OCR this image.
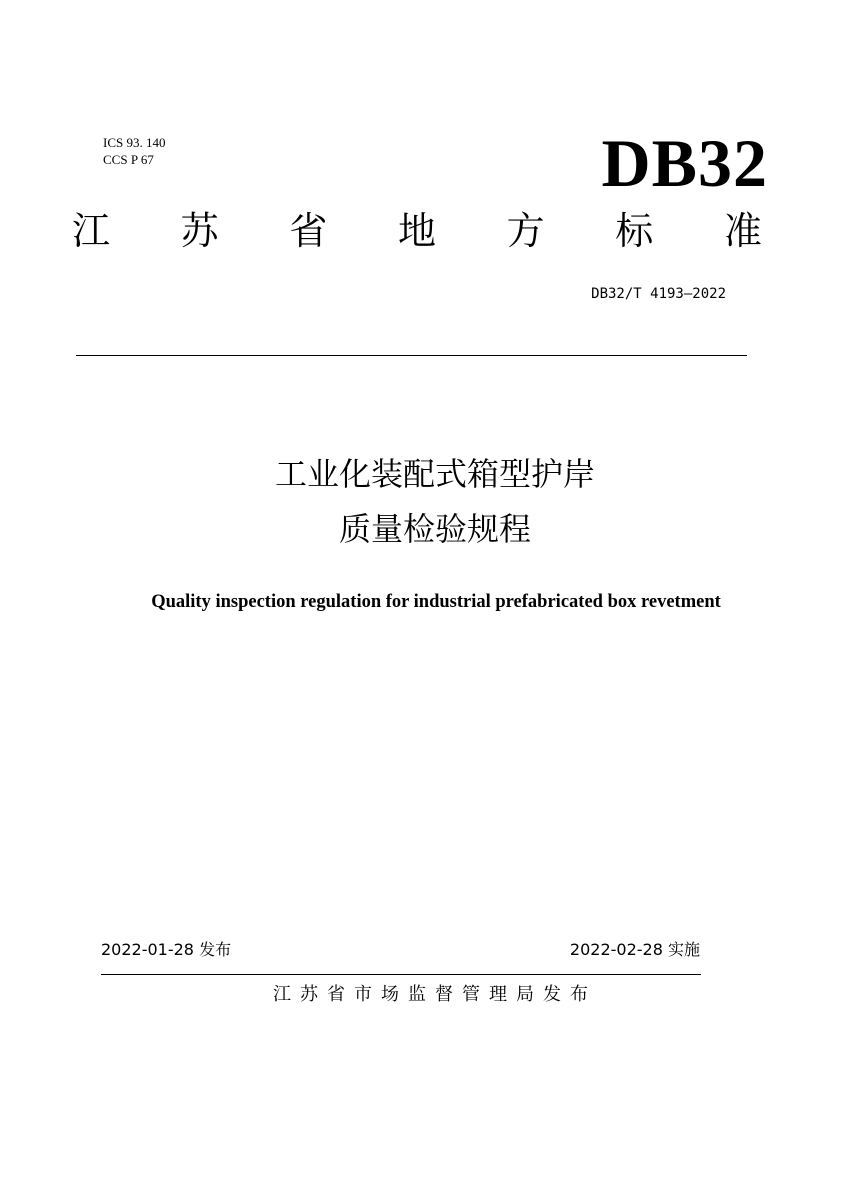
ICS 93. 140
CCS P 67	DB32
江 苏 省 地 方 标 准
DB32/T 4193—2022
工业化装配式箱型护岸
质量检验规程
Quality inspection regulation for industrial prefabricated box revetment
2022-01-28 发布	2022-02-28 实施
江苏省市场监督管理局发布
